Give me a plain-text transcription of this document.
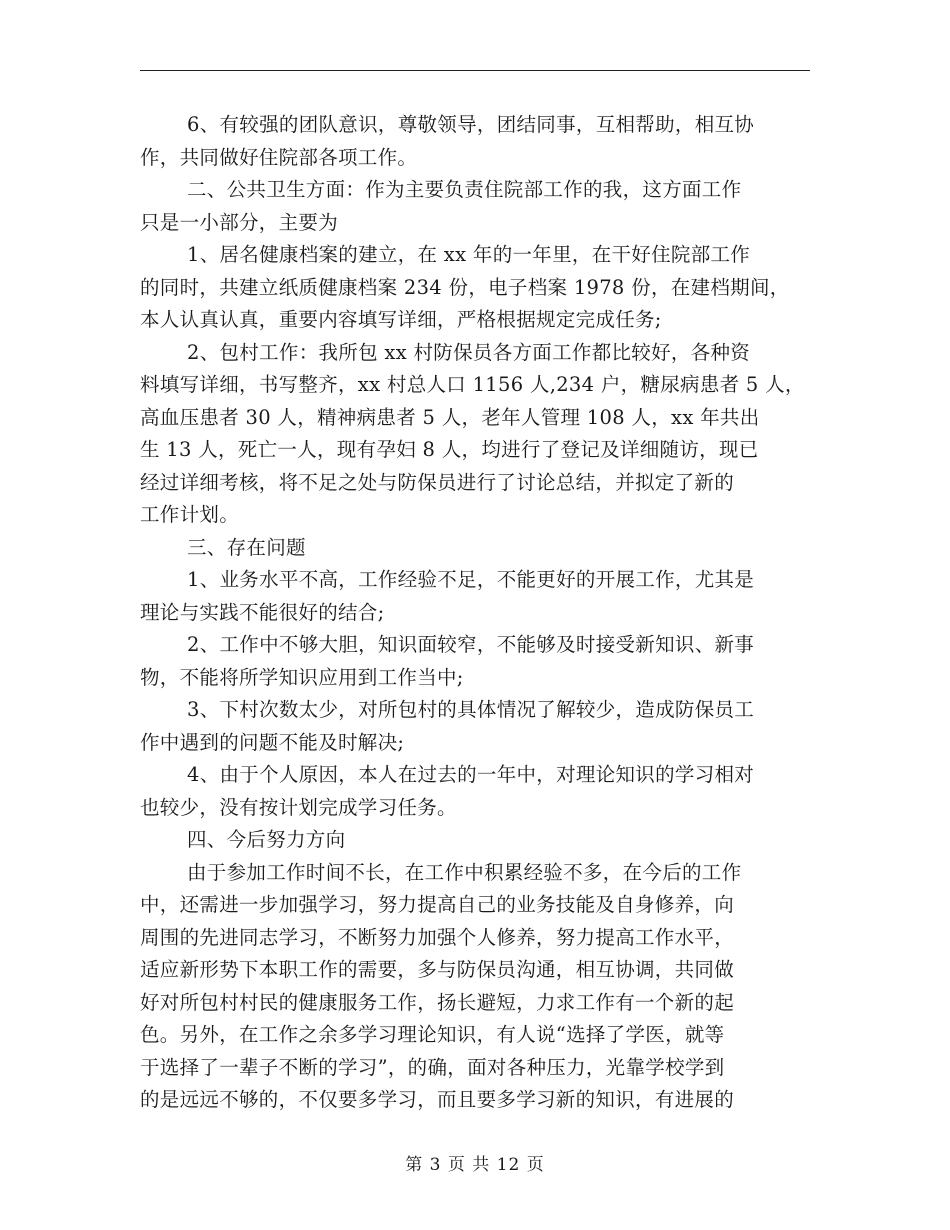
6、有较强的团队意识，尊敬领导，团结同事，互相帮助，相互协
作，共同做好住院部各项工作。
二、公共卫生方面：作为主要负责住院部工作的我，这方面工作
只是一小部分，主要为
1、居名健康档案的建立，在 xx 年的一年里，在干好住院部工作
的同时，共建立纸质健康档案 234 份，电子档案 1978 份，在建档期间，
本人认真认真，重要内容填写详细，严格根据规定完成任务;
2、包村工作：我所包 xx 村防保员各方面工作都比较好，各种资
料填写详细，书写整齐，xx 村总人口 1156 人,234 户，糖尿病患者 5 人，
高血压患者 30 人，精神病患者 5 人，老年人管理 108 人，xx 年共出
生 13 人，死亡一人，现有孕妇 8 人，均进行了登记及详细随访，现已
经过详细考核，将不足之处与防保员进行了讨论总结，并拟定了新的
工作计划。
三、存在问题
1、业务水平不高，工作经验不足，不能更好的开展工作，尤其是
理论与实践不能很好的结合;
2、工作中不够大胆，知识面较窄，不能够及时接受新知识、新事
物，不能将所学知识应用到工作当中;
3、下村次数太少，对所包村的具体情况了解较少，造成防保员工
作中遇到的问题不能及时解决;
4、由于个人原因，本人在过去的一年中，对理论知识的学习相对
也较少，没有按计划完成学习任务。
四、今后努力方向
由于参加工作时间不长，在工作中积累经验不多，在今后的工作
中，还需进一步加强学习，努力提高自己的业务技能及自身修养，向
周围的先进同志学习，不断努力加强个人修养，努力提高工作水平，
适应新形势下本职工作的需要，多与防保员沟通，相互协调，共同做
好对所包村村民的健康服务工作，扬长避短，力求工作有一个新的起
色。另外，在工作之余多学习理论知识，有人说“选择了学医，就等
于选择了一辈子不断的学习”，的确，面对各种压力，光靠学校学到
的是远远不够的，不仅要多学习，而且要多学习新的知识，有进展的
第 3 页 共 12 页
